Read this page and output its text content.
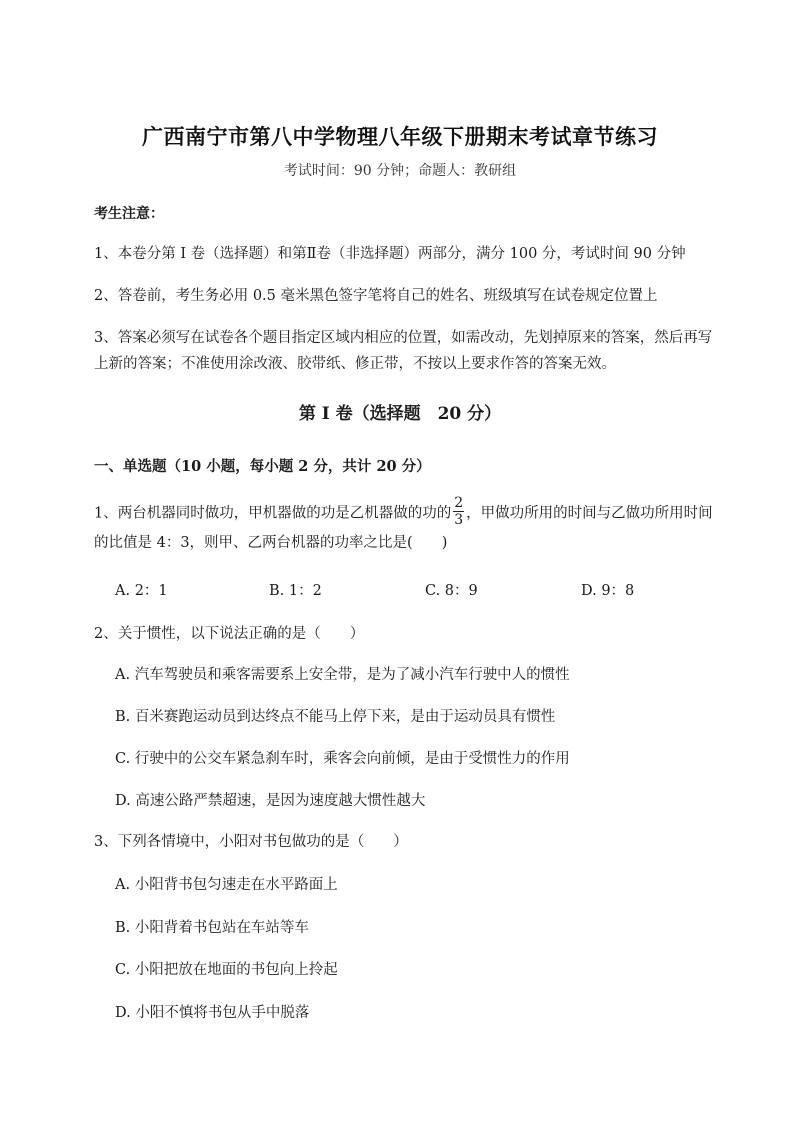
广西南宁市第八中学物理八年级下册期末考试章节练习
考试时间：90 分钟；命题人：教研组
考生注意：
1、本卷分第 I 卷（选择题）和第Ⅱ卷（非选择题）两部分，满分 100 分，考试时间 90 分钟
2、答卷前，考生务必用 0.5 毫米黑色签字笔将自己的姓名、班级填写在试卷规定位置上
3、答案必须写在试卷各个题目指定区域内相应的位置，如需改动，先划掉原来的答案，然后再写上新的答案；不准使用涂改液、胶带纸、修正带，不按以上要求作答的答案无效。
第 I 卷（选择题　20 分）
一、单选题（10 小题，每小题 2 分，共计 20 分）
1、两台机器同时做功，甲机器做的功是乙机器做的功的 $\frac{2}{3}$ ，甲做功所用的时间与乙做功所用时间的比值是 4：3，则甲、乙两台机器的功率之比是(　　)
A. 2：1	B. 1：2	C. 8：9	D. 9：8
2、关于惯性，以下说法正确的是（　　）
A. 汽车驾驶员和乘客需要系上安全带，是为了减小汽车行驶中人的惯性
B. 百米赛跑运动员到达终点不能马上停下来，是由于运动员具有惯性
C. 行驶中的公交车紧急刹车时，乘客会向前倾，是由于受惯性力的作用
D. 高速公路严禁超速，是因为速度越大惯性越大
3、下列各情境中，小阳对书包做功的是（　　）
A. 小阳背书包匀速走在水平路面上
B. 小阳背着书包站在车站等车
C. 小阳把放在地面的书包向上拎起
D. 小阳不慎将书包从手中脱落
